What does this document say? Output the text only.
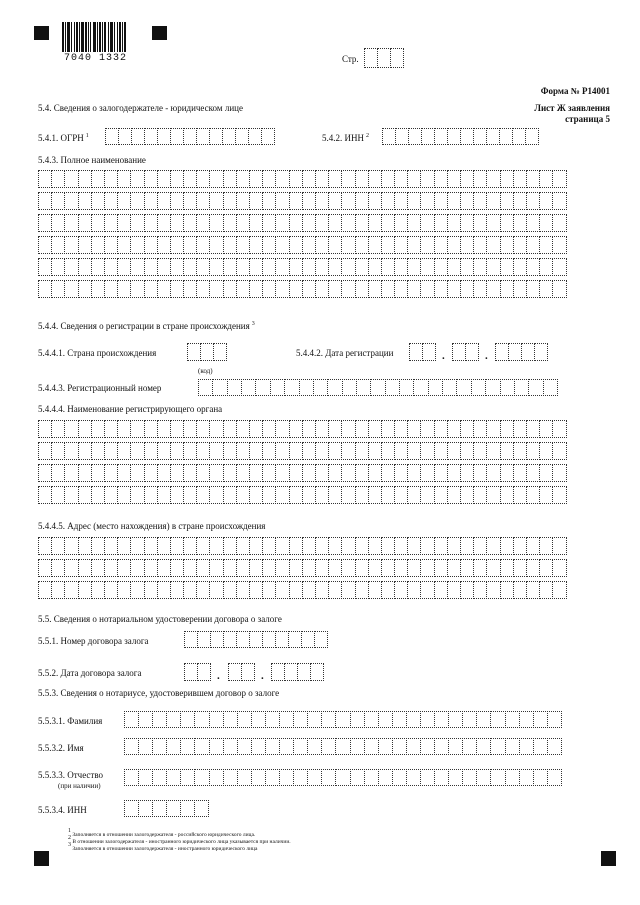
7040 1332	Стр.
Форма № Р14001
Лист Ж заявления
страница 5
5.4. Сведения о залогодержателе - юридическом лице
5.4.1. ОГРН $^1$	5.4.2. ИНН $^2$
5.4.3. Полное наименование
5.4.4. Сведения о регистрации в стране происхождения $^3$
5.4.4.1. Страна происхождения
(код)
5.4.4.2. Дата регистрации	.	.
5.4.4.3. Регистрационный номер
5.4.4.4. Наименование регистрирующего органа
5.4.4.5. Адрес (место нахождения) в стране происхождения
5.5. Сведения о нотариальном удостоверении договора о залоге
5.5.1. Номер договора залога
5.5.2. Дата договора залога	.	.
5.5.3. Сведения о нотариусе, удостоверившем договор о залоге
5.5.3.1. Фамилия
5.5.3.2. Имя
5.5.3.3. Отчество
(при наличии)
5.5.3.4. ИНН
1 Заполняется в отношении залогодержателя - российского юридического лица.
2 В отношении залогодержателя - иностранного юридического лица указывается при наличии.
3 Заполняется в отношении залогодержателя - иностранного юридического лица
